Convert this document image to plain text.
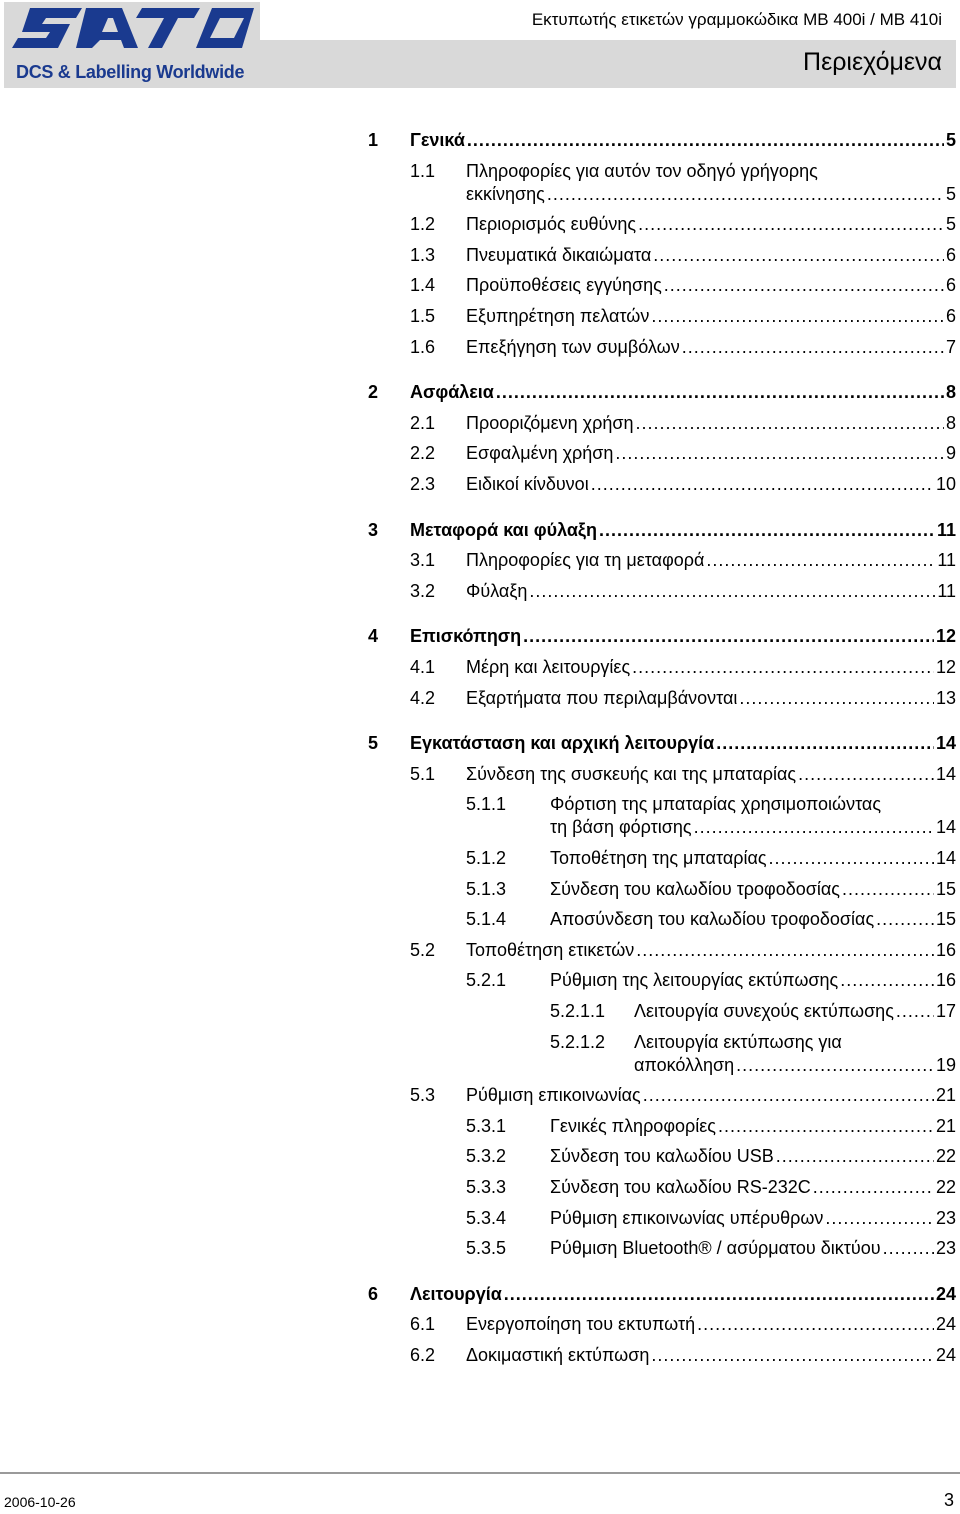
DCS & Labelling Worldwide
Εκτυπωτής ετικετών γραμμοκώδικα MB 400i / MB 410i
Περιεχόμενα
1 Γενικά .....	5
1.1 Πληροφορίες για αυτόν τον οδηγό γρήγορης
εκκίνησης .....	5
1.2 Περιορισμός ευθύνης .....	5
1.3 Πνευματικά δικαιώματα .....	6
1.4 Προϋποθέσεις εγγύησης .....	6
1.5 Εξυπηρέτηση πελατών .....	6
1.6 Επεξήγηση των συμβόλων .....	7
2 Ασφάλεια .....	8
2.1 Προοριζόμενη χρήση .....	8
2.2 Εσφαλμένη χρήση .....	9
2.3 Ειδικοί κίνδυνοι .....	10
3 Μεταφορά και φύλαξη .....	11
3.1 Πληροφορίες για τη μεταφορά .....	11
3.2 Φύλαξη .....	11
4 Επισκόπηση .....	12
4.1 Μέρη και λειτουργίες .....	12
4.2 Εξαρτήματα που περιλαμβάνονται .....	13
5 Εγκατάσταση και αρχική λειτουργία .....	14
5.1 Σύνδεση της συσκευής και της μπαταρίας .....	14
5.1.1 Φόρτιση της μπαταρίας χρησιμοποιώντας
τη βάση φόρτισης .....	14
5.1.2 Τοποθέτηση της μπαταρίας .....	14
5.1.3 Σύνδεση του καλωδίου τροφοδοσίας .....	15
5.1.4 Αποσύνδεση του καλωδίου τροφοδοσίας .....	15
5.2 Τοποθέτηση ετικετών .....	16
5.2.1 Ρύθμιση της λειτουργίας εκτύπωσης .....	16
5.2.1.1 Λειτουργία συνεχούς εκτύπωσης ..... 17
5.2.1.2 Λειτουργία εκτύπωσης για
αποκόλληση .....	19
5.3 Ρύθμιση επικοινωνίας .....	21
5.3.1 Γενικές πληροφορίες .....	21
5.3.2 Σύνδεση του καλωδίου USB .....	22
5.3.3 Σύνδεση του καλωδίου RS-232C .....	22
5.3.4 Ρύθμιση επικοινωνίας υπέρυθρων .....	23
5.3.5 Ρύθμιση Bluetooth® / ασύρματου δικτύου .....	23
6 Λειτουργία .....	24
6.1 Ενεργοποίηση του εκτυπωτή .....	24
6.2 Δοκιμαστική εκτύπωση .....	24
2006-10-26	3
